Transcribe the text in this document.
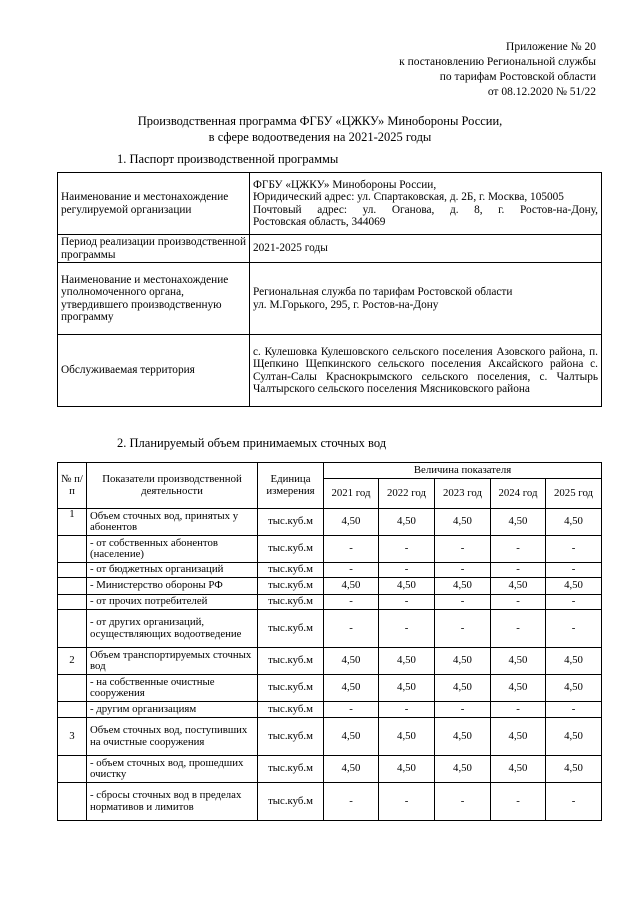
Приложение № 20
к постановлению Региональной службы
по тарифам Ростовской области
от 08.12.2020 № 51/22
Производственная программа ФГБУ «ЦЖКУ» Минобороны России,
в сфере водоотведения на 2021-2025 годы
1. Паспорт производственной программы
Наименование и местонахождение регулируемой организации	ФГБУ «ЦЖКУ» Минобороны России,
Юридический адрес: ул. Спартаковская, д. 2Б, г. Москва, 105005
Почтовый адрес: ул. Оганова, д. 8, г. Ростов-на-Дону,
Ростовская область, 344069

Период реализации производственной программы	2021-2025 годы

Наименование и местонахождение уполномоченного органа, утвердившего производственную программу	Региональная служба по тарифам Ростовской области
ул. М.Горького, 295, г. Ростов-на-Дону

Обслуживаемая территория	с. Кулешовка Кулешовского сельского поселения Азовского района, п. Щепкино Щепкинского сельского поселения Аксайского района с. Султан-Салы Краснокрымского сельского поселения, с. Чалтырь Чалтырского сельского поселения Мясниковского района
2. Планируемый объем принимаемых сточных вод
№ п/п	Показатели производственной деятельности	Единица измерения	Величина показателя				
			2021 год	2022 год	2023 год	2024 год	2025 год
1	Объем сточных вод, принятых у абонентов	тыс.куб.м	4,50	4,50	4,50	4,50	4,50
	- от собственных абонентов (население)	тыс.куб.м	-	-	-	-	-
	- от бюджетных организаций	тыс.куб.м	-	-	-	-	-
	- Министерство обороны РФ	тыс.куб.м	4,50	4,50	4,50	4,50	4,50
	- от прочих потребителей	тыс.куб.м	-	-	-	-	-
	- от других организаций, осуществляющих водоотведение	тыс.куб.м	-	-	-	-	-
2	Объем транспортируемых сточных вод	тыс.куб.м	4,50	4,50	4,50	4,50	4,50
	- на собственные очистные сооружения	тыс.куб.м	4,50	4,50	4,50	4,50	4,50
	- другим организациям	тыс.куб.м	-	-	-	-	-
3	Объем сточных вод, поступивших на очистные сооружения	тыс.куб.м	4,50	4,50	4,50	4,50	4,50
	- объем сточных вод, прошедших очистку	тыс.куб.м	4,50	4,50	4,50	4,50	4,50
	- сбросы сточных вод в пределах нормативов и лимитов	тыс.куб.м	-	-	-	-	-
